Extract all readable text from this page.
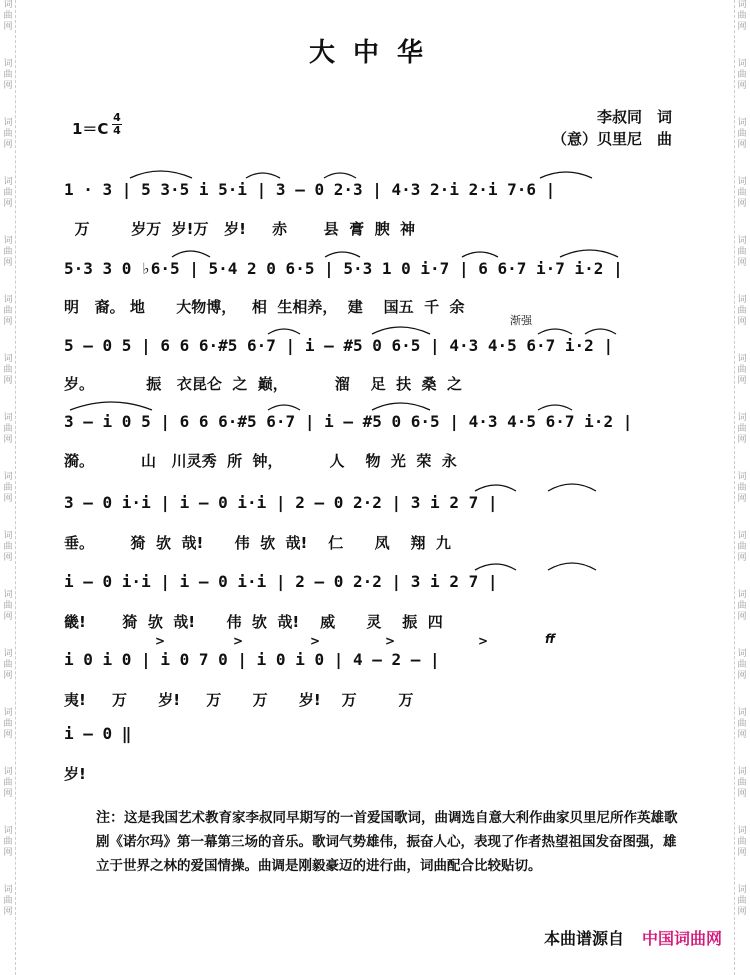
词
曲
网
词
曲
网
词
曲
网
词
曲
网
词
曲
网
词
曲
网
词
曲
网
词
曲
网
词
曲
网
词
曲
网
词
曲
网
词
曲
网
词
曲
网
词
曲
网
词
曲
网
词
曲
网
词
曲
网
词
曲
网
词
曲
网
词
曲
网
词
曲
网
词
曲
网
词
曲
网
词
曲
网
词
曲
网
词
曲
网
词
曲
网
词
曲
网
词
曲
网
词
曲
网
词
曲
网
词
曲
网
大中华
1＝C
4
4
李叔同　词
（意）贝里尼　曲
1 · 3 | 5 3·5 i 5·i | 3 — 0 2·3 | 4·3 2·i 2·i 7·6 |
万        岁万  岁!万   岁!     赤       县  膏  腴  神
5·3 3 0 ♭6·5 | 5·4 2 0 6·5 | 5·3 1 0 i·7 | 6 6·7 i·7 i·2 |
明   裔。 地      大物博，   相  生相养，  建    国五  千  余
渐强
5 — 0 5 | 6 6 6·#5 6·7 | i — #5 0 6·5 | 4·3 4·5 6·7 i·2 |
岁。          振   衣昆仑  之  巅，         溜    足  扶  桑  之
3 — i 0 5 | 6 6 6·#5 6·7 | i — #5 0 6·5 | 4·3 4·5 6·7 i·2 |
漪。         山   川灵秀  所  钟，         人    物  光  荣  永
3 — 0 i·i | i — 0 i·i | 2 — 0 2·2 | 3 i 2 7 |
垂。       猗  欤  哉!      伟  欤  哉!    仁      凤    翔  九
i — 0 i·i | i — 0 i·i | 2 — 0 2·2 | 3 i 2 7 |
畿!       猗  欤  哉!      伟  欤  哉!    威      灵    振  四
>	>	>	>	>	ff
i 0 i 0 | i 0 7 0 | i 0 i 0 | 4 — 2 — |
夷!     万      岁!     万      万      岁!    万        万
i — 0 ‖
岁!
注：这是我国艺术教育家李叔同早期写的一首爱国歌词，曲调选自意大利作曲家贝里尼所作英雄歌剧《诺尔玛》第一幕第三场的音乐。歌词气势雄伟，振奋人心，表现了作者热望祖国发奋图强，雄立于世界之林的爱国情操。曲调是刚毅豪迈的进行曲，词曲配合比较贴切。
本曲谱源自 中国词曲网
